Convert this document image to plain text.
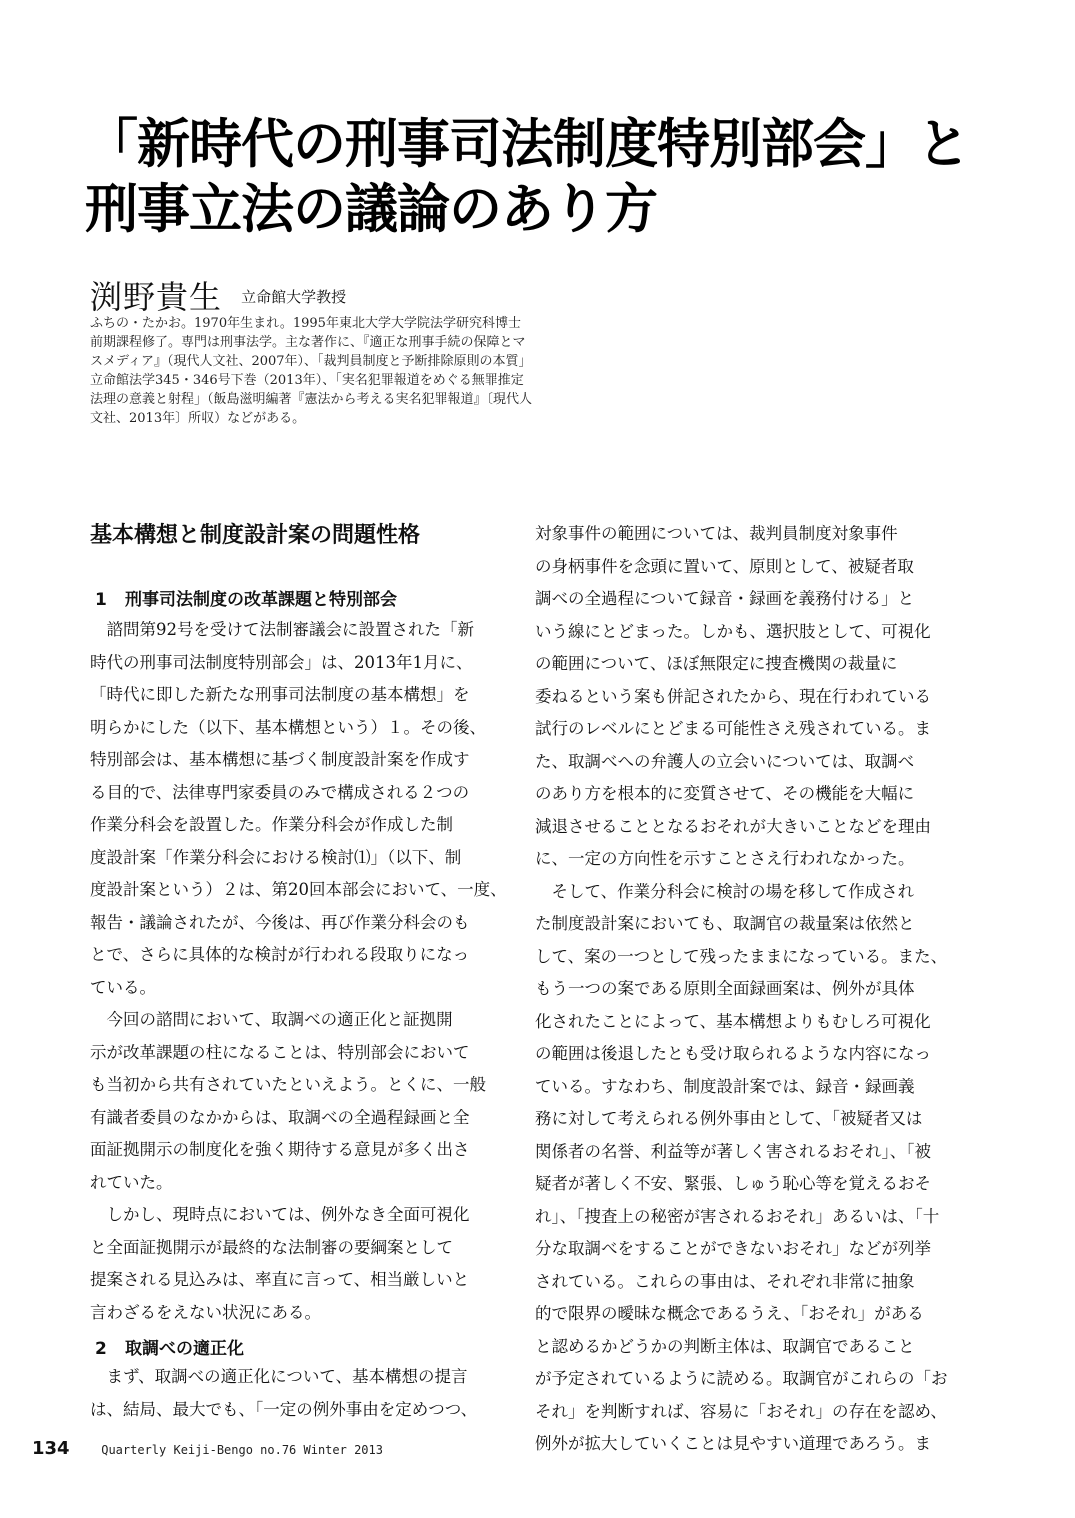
「新時代の刑事司法制度特別部会」と
刑事立法の議論のあり方
渕野貴生 立命館大学教授
ふちの・たかお。1970年生まれ。1995年東北大学大学院法学研究科博士
前期課程修了。専門は刑事法学。主な著作に、『適正な刑事手続の保障とマ
スメディア』（現代人文社、2007年）、「裁判員制度と予断排除原則の本質」
立命館法学345・346号下巻（2013年）、「実名犯罪報道をめぐる無罪推定
法理の意義と射程」（飯島滋明編著『憲法から考える実名犯罪報道』〔現代人
文社、2013年〕所収）などがある。
基本構想と制度設計案の問題性格
1 刑事司法制度の改革課題と特別部会
　諮問第92号を受けて法制審議会に設置された「新
時代の刑事司法制度特別部会」は、2013年1月に、
「時代に即した新たな刑事司法制度の基本構想」を
明らかにした（以下、基本構想という）１。その後、
特別部会は、基本構想に基づく制度設計案を作成す
る目的で、法律専門家委員のみで構成される２つの
作業分科会を設置した。作業分科会が作成した制
度設計案「作業分科会における検討⑴」（以下、制
度設計案という）２は、第20回本部会において、一度、
報告・議論されたが、今後は、再び作業分科会のも
とで、さらに具体的な検討が行われる段取りになっ
ている。
　今回の諮問において、取調べの適正化と証拠開
示が改革課題の柱になることは、特別部会において
も当初から共有されていたといえよう。とくに、一般
有識者委員のなかからは、取調べの全過程録画と全
面証拠開示の制度化を強く期待する意見が多く出さ
れていた。
　しかし、現時点においては、例外なき全面可視化
と全面証拠開示が最終的な法制審の要綱案として
提案される見込みは、率直に言って、相当厳しいと
言わざるをえない状況にある。
2 取調べの適正化
　まず、取調べの適正化について、基本構想の提言
は、結局、最大でも、「一定の例外事由を定めつつ、
対象事件の範囲については、裁判員制度対象事件
の身柄事件を念頭に置いて、原則として、被疑者取
調べの全過程について録音・録画を義務付ける」と
いう線にとどまった。しかも、選択肢として、可視化
の範囲について、ほぼ無限定に捜査機関の裁量に
委ねるという案も併記されたから、現在行われている
試行のレベルにとどまる可能性さえ残されている。ま
た、取調べへの弁護人の立会いについては、取調べ
のあり方を根本的に変質させて、その機能を大幅に
減退させることとなるおそれが大きいことなどを理由
に、一定の方向性を示すことさえ行われなかった。
　そして、作業分科会に検討の場を移して作成され
た制度設計案においても、取調官の裁量案は依然と
して、案の一つとして残ったままになっている。また、
もう一つの案である原則全面録画案は、例外が具体
化されたことによって、基本構想よりもむしろ可視化
の範囲は後退したとも受け取られるような内容になっ
ている。すなわち、制度設計案では、録音・録画義
務に対して考えられる例外事由として、「被疑者又は
関係者の名誉、利益等が著しく害されるおそれ」、「被
疑者が著しく不安、緊張、しゅう恥心等を覚えるおそ
れ」、「捜査上の秘密が害されるおそれ」あるいは、「十
分な取調べをすることができないおそれ」などが列挙
されている。これらの事由は、それぞれ非常に抽象
的で限界の曖昧な概念であるうえ、「おそれ」がある
と認めるかどうかの判断主体は、取調官であること
が予定されているように読める。取調官がこれらの「お
それ」を判断すれば、容易に「おそれ」の存在を認め、
例外が拡大していくことは見やすい道理であろう。ま
134	Quarterly Keiji-Bengo no.76 Winter 2013
